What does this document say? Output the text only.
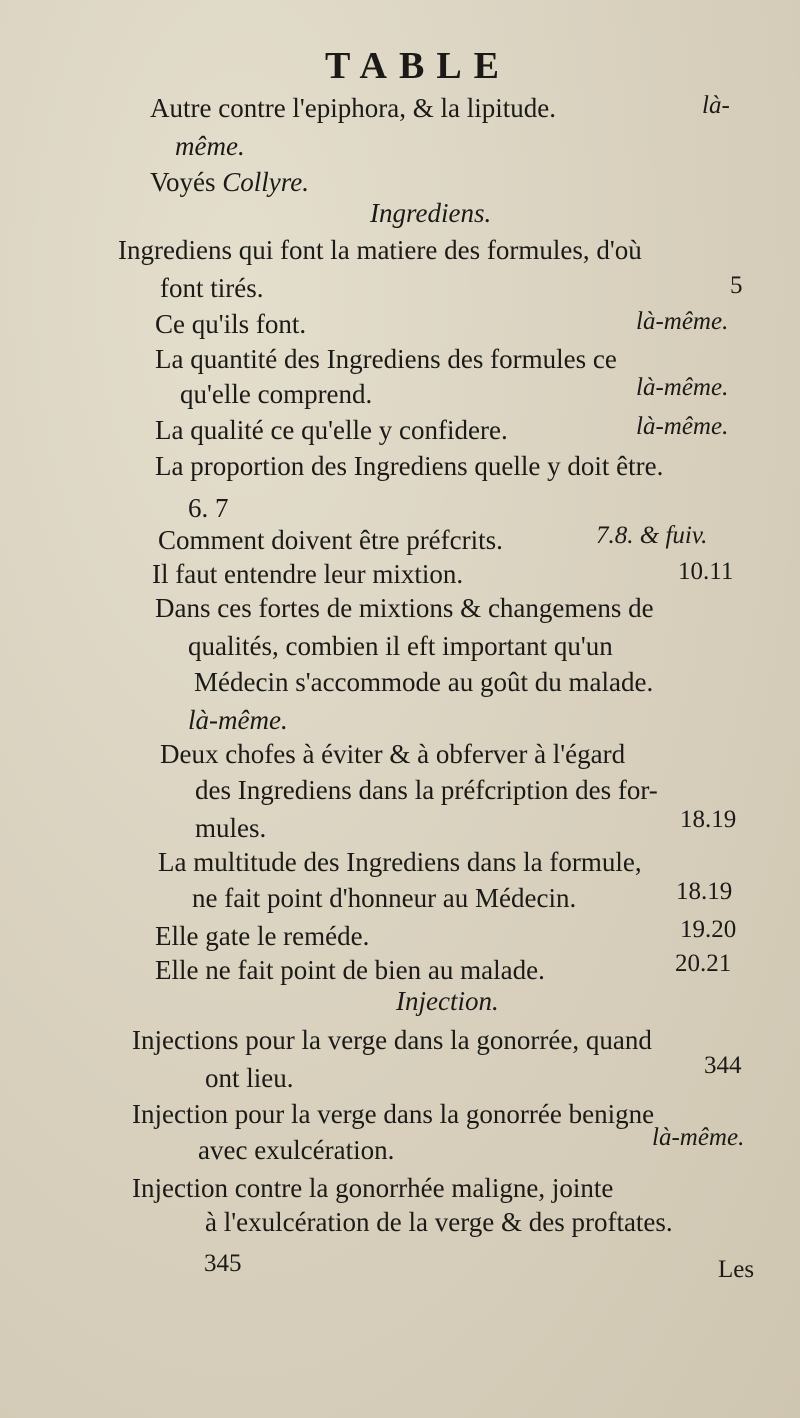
TABLE
Autre contre l'epiphora, & la lipitude.	là-
même.
Voyés Collyre.
Ingrediens.
Ingrediens qui font la matiere des formules, d'où
font tirés.	5
Ce qu'ils font.	là-même.
La quantité des Ingrediens des formules ce
qu'elle comprend.	là-même.
La qualité ce qu'elle y confidere.	là-même.
La proportion des Ingrediens quelle y doit être.
6. 7
Comment doivent être préfcrits.	7.8. & fuiv.
Il faut entendre leur mixtion.	10.11
Dans ces fortes de mixtions & changemens de
qualités, combien il eft important qu'un
Médecin s'accommode au goût du malade.
là-même.
Deux chofes à éviter & à obferver à l'égard
des Ingrediens dans la préfcription des for-
mules.	18.19
La multitude des Ingrediens dans la formule,
ne fait point d'honneur au Médecin.	18.19
Elle gate le reméde.	19.20
Elle ne fait point de bien au malade.	20.21
Injection.
Injections pour la verge dans la gonorrée, quand
ont lieu.	344
Injection pour la verge dans la gonorrée benigne
avec exulcération.	là-même.
Injection contre la gonorrhée maligne, jointe
à l'exulcération de la verge & des proftates.
345	Les
